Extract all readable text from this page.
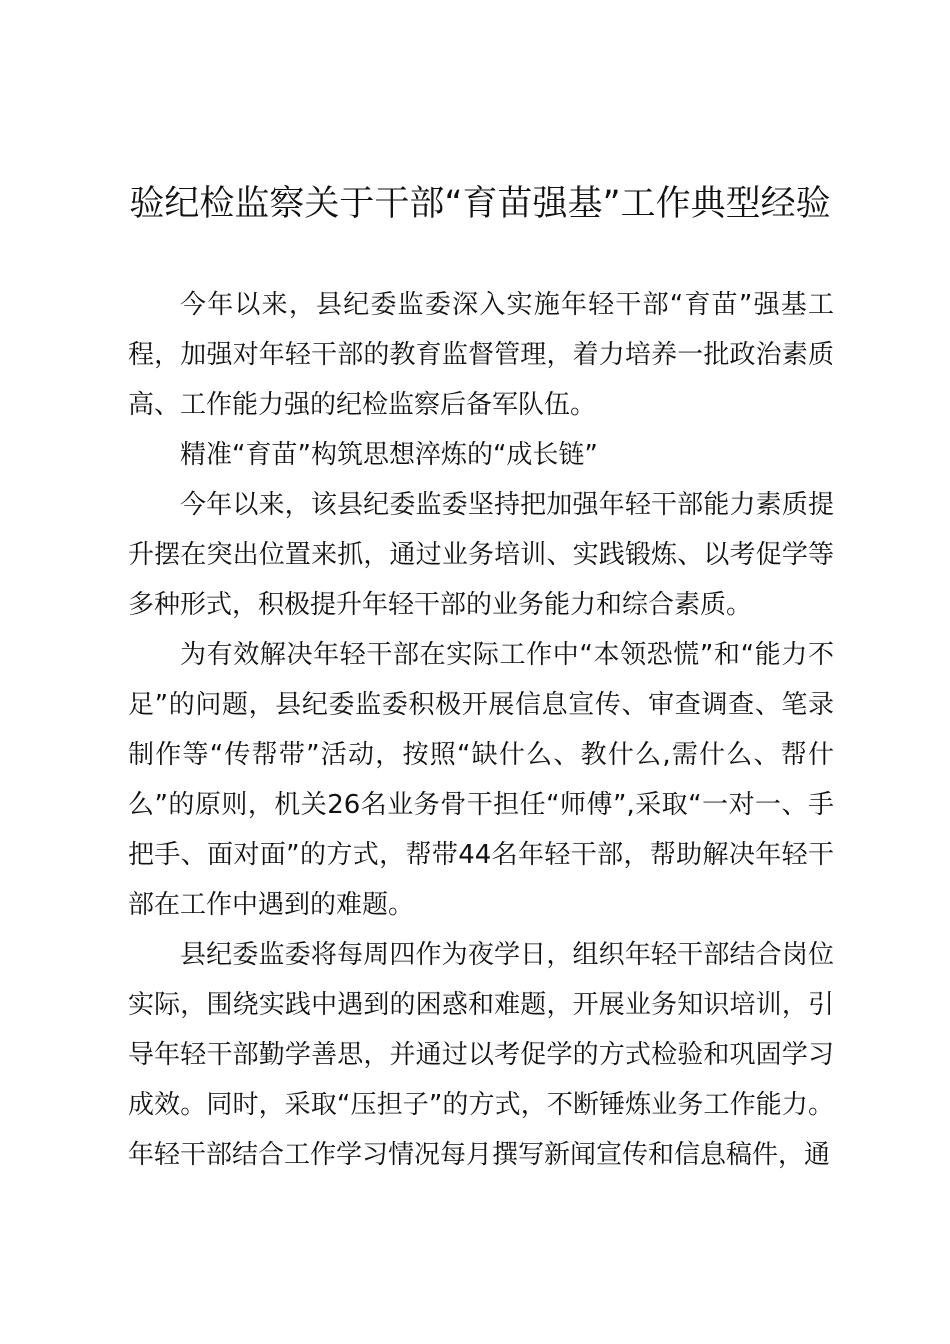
验纪检监察关于干部“育苗强基”工作典型经验

今年以来，县纪委监委深入实施年轻干部“育苗”强基工程，加强对年轻干部的教育监督管理，着力培养一批政治素质高、工作能力强的纪检监察后备军队伍。

精准“育苗”构筑思想淬炼的“成长链”

今年以来，该县纪委监委坚持把加强年轻干部能力素质提升摆在突出位置来抓，通过业务培训、实践锻炼、以考促学等多种形式，积极提升年轻干部的业务能力和综合素质。

为有效解决年轻干部在实际工作中“本领恐慌”和“能力不足”的问题，县纪委监委积极开展信息宣传、审查调查、笔录制作等“传帮带”活动，按照“缺什么、教什么,需什么、帮什么”的原则，机关26名业务骨干担任“师傅”,采取“一对一、手把手、面对面”的方式，帮带44名年轻干部，帮助解决年轻干部在工作中遇到的难题。

县纪委监委将每周四作为夜学日，组织年轻干部结合岗位实际，围绕实践中遇到的困惑和难题，开展业务知识培训，引导年轻干部勤学善思，并通过以考促学的方式检验和巩固学习成效。同时，采取“压担子”的方式，不断锤炼业务工作能力。年轻干部结合工作学习情况每月撰写新闻宣传和信息稿件，通
